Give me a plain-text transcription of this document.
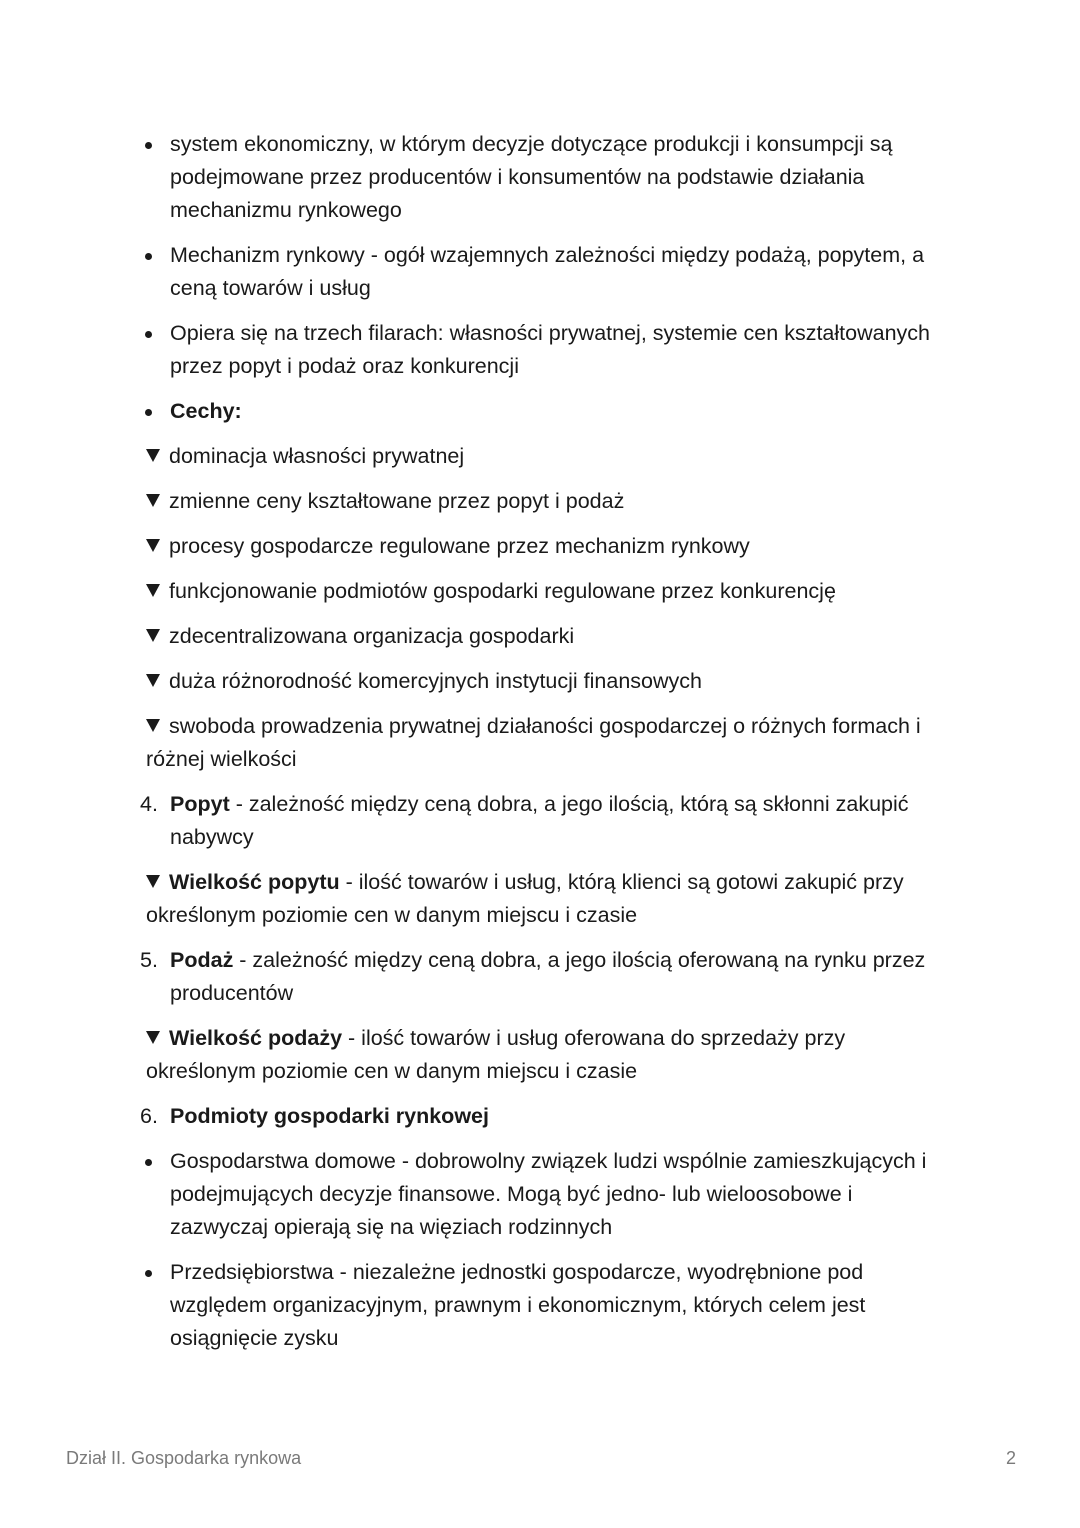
system ekonomiczny, w którym decyzje dotyczące produkcji i konsumpcji są podejmowane przez producentów i konsumentów na podstawie działania mechanizmu rynkowego
Mechanizm rynkowy - ogół wzajemnych zależności między podażą, popytem, a ceną towarów i usług
Opiera się na trzech filarach: własności prywatnej, systemie cen kształtowanych przez popyt i podaż oraz konkurencji
Cechy:
dominacja własności prywatnej
zmienne ceny kształtowane przez popyt i podaż
procesy gospodarcze regulowane przez mechanizm rynkowy
funkcjonowanie podmiotów gospodarki regulowane przez konkurencję
zdecentralizowana organizacja gospodarki
duża różnorodność komercyjnych instytucji finansowych
swoboda prowadzenia prywatnej działaności gospodarczej o różnych formach i różnej wielkości
4. Popyt - zależność między ceną dobra, a jego ilością, którą są skłonni zakupić nabywcy
Wielkość popytu - ilość towarów i usług, którą klienci są gotowi zakupić przy określonym poziomie cen w danym miejscu i czasie
5. Podaż - zależność między ceną dobra, a jego ilością oferowaną na rynku przez producentów
Wielkość podaży - ilość towarów i usług oferowana do sprzedaży przy określonym poziomie cen w danym miejscu i czasie
6. Podmioty gospodarki rynkowej
Gospodarstwa domowe - dobrowolny związek ludzi wspólnie zamieszkujących i podejmujących decyzje finansowe. Mogą być jedno- lub wieloosobowe i zazwyczaj opierają się na więziach rodzinnych
Przedsiębiorstwa - niezależne jednostki gospodarcze, wyodrębnione pod względem organizacyjnym, prawnym i ekonomicznym, których celem jest osiągnięcie zysku
Dział II. Gospodarka rynkowa	2
